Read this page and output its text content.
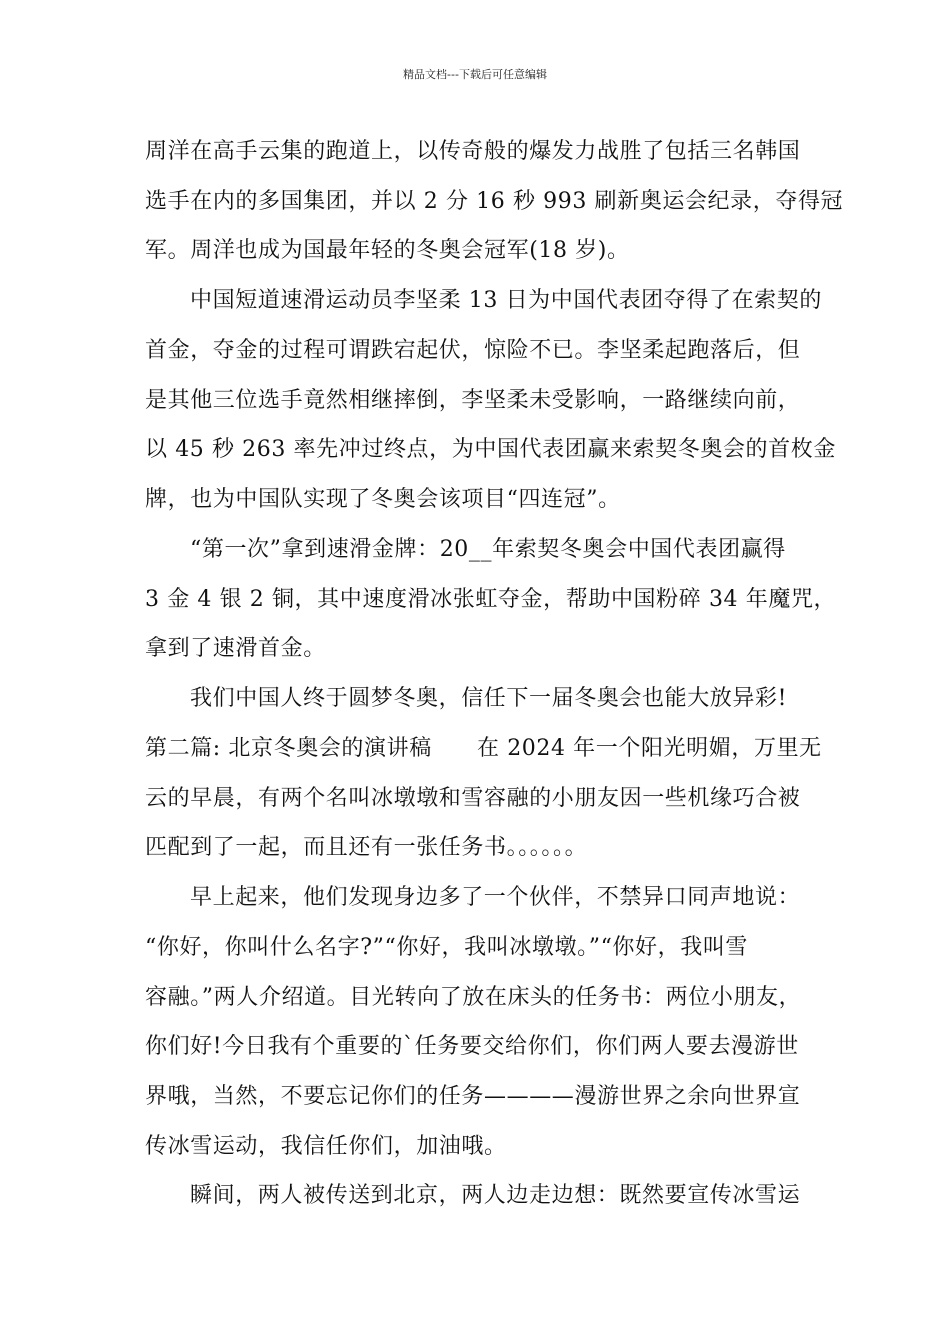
精品文档---下载后可任意编辑
周洋在高手云集的跑道上，以传奇般的爆发力战胜了包括三名韩国
选手在内的多国集团，并以 2 分 16 秒 993 刷新奥运会纪录，夺得冠
军。周洋也成为国最年轻的冬奥会冠军(18 岁)。
中国短道速滑运动员李坚柔 13 日为中国代表团夺得了在索契的
首金，夺金的过程可谓跌宕起伏，惊险不已。李坚柔起跑落后，但
是其他三位选手竟然相继摔倒，李坚柔未受影响，一路继续向前，
以 45 秒 263 率先冲过终点，为中国代表团赢来索契冬奥会的首枚金
牌，也为中国队实现了冬奥会该项目“四连冠”。
“第一次”拿到速滑金牌：20__年索契冬奥会中国代表团赢得
3 金 4 银 2 铜，其中速度滑冰张虹夺金，帮助中国粉碎 34 年魔咒，
拿到了速滑首金。
我们中国人终于圆梦冬奥，信任下一届冬奥会也能大放异彩!
第二篇: 北京冬奥会的演讲稿　　在 2024 年一个阳光明媚，万里无
云的早晨，有两个名叫冰墩墩和雪容融的小朋友因一些机缘巧合被
匹配到了一起，而且还有一张任务书。。。。。。
早上起来，他们发现身边多了一个伙伴，不禁异口同声地说：
“你好，你叫什么名字?”“你好，我叫冰墩墩。”“你好，我叫雪
容融。”两人介绍道。目光转向了放在床头的任务书：两位小朋友，
你们好!今日我有个重要的`任务要交给你们，你们两人要去漫游世
界哦，当然，不要忘记你们的任务————漫游世界之余向世界宣
传冰雪运动，我信任你们，加油哦。
瞬间，两人被传送到北京，两人边走边想：既然要宣传冰雪运
